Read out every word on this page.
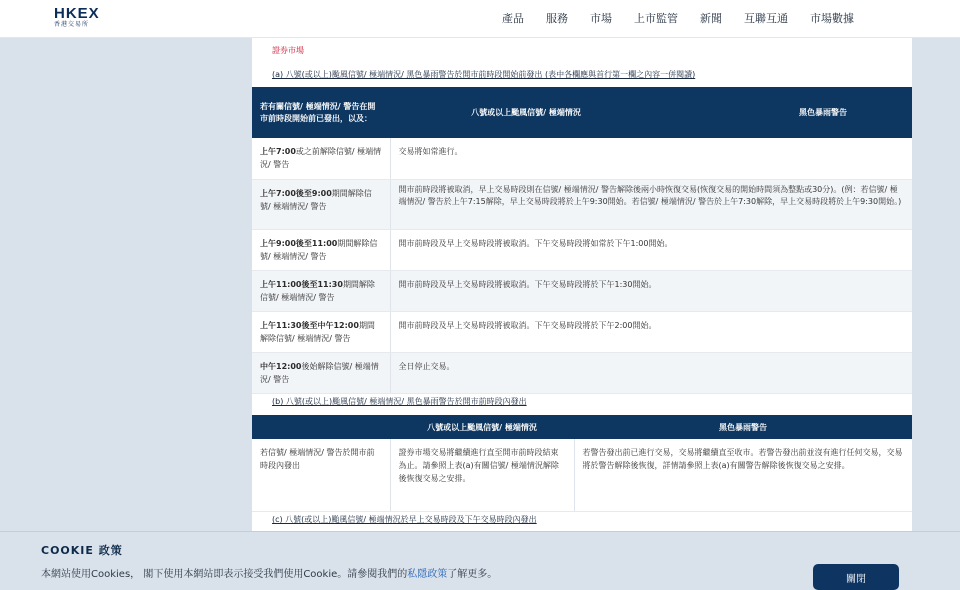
HKEX
香港交易所	產品 服務 市場 上市監管 新聞 互聯互通 市場數據
證券市場
(a) 八號(或以上)颱風信號/ 極端情況/ 黑色暴雨警告於開市前時段開始前發出 (表中各欄應與首行第一欄之內容一併閱讀)
若有關信號/ 極端情況/ 警告在開市前時段開始前已發出，以及：	八號或以上颱風信號/ 極端情況	黑色暴雨警告
上午7:00或之前解除信號/ 極端情況/ 警告	交易將如常進行。	
上午7:00後至9:00期間解除信號/ 極端情況/ 警告	開市前時段將被取消，早上交易時段則在信號/ 極端情況/ 警告解除後兩小時恢復交易(恢復交易的開始時間須為整點或30分)。(例：若信號/ 極端情況/ 警告於上午7:15解除，早上交易時段將於上午9:30開始。若信號/ 極端情況/ 警告於上午7:30解除，早上交易時段將於上午9:30開始。)	
上午9:00後至11:00期間解除信號/ 極端情況/ 警告	開市前時段及早上交易時段將被取消。下午交易時段將如常於下午1:00開始。	
上午11:00後至11:30期間解除信號/ 極端情況/ 警告	開市前時段及早上交易時段將被取消。下午交易時段將於下午1:30開始。	
上午11:30後至中午12:00期間解除信號/ 極端情況/ 警告	開市前時段及早上交易時段將被取消。下午交易時段將於下午2:00開始。	
中午12:00後始解除信號/ 極端情況/ 警告	全日停止交易。	
(b) 八號(或以上)颱風信號/ 極端情況/ 黑色暴雨警告於開市前時段內發出
	八號或以上颱風信號/ 極端情況	黑色暴雨警告
若信號/ 極端情況/ 警告於開市前時段內發出	證券市場交易將繼續進行直至開市前時段結束為止。請參照上表(a)有關信號/ 極端情況解除後恢復交易之安排。	若警告發出前已進行交易，交易將繼續直至收市。若警告發出前並沒有進行任何交易，交易將於警告解除後恢復，詳情請參照上表(a)有關警告解除後恢復交易之安排。
(c) 八號(或以上)颱風信號/ 極端情況於早上交易時段及下午交易時段內發出
COOKIE 政策
本網站使用Cookies， 閣下使用本網站即表示接受我們使用Cookie。請參閱我們的私隱政策了解更多。	關閉
